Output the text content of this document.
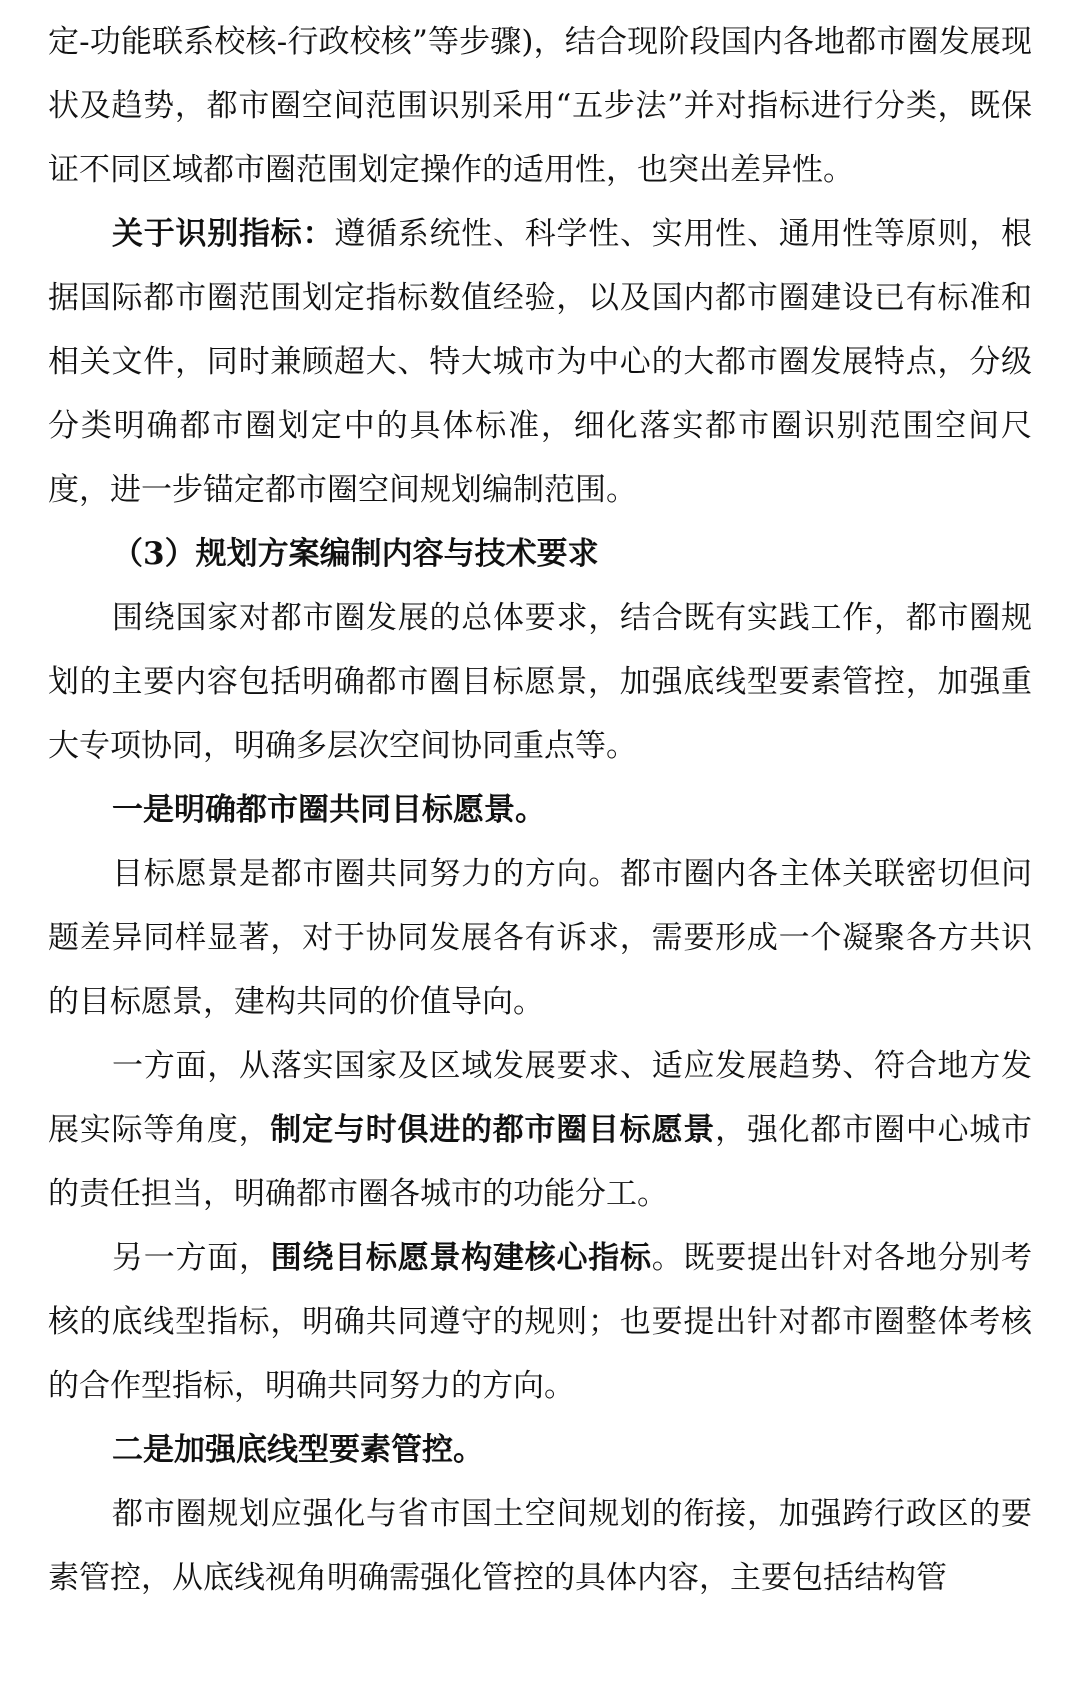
定-功能联系校核-行政校核”等步骤)，结合现阶段国内各地都市圈发展现状及趋势，都市圈空间范围识别采用“五步法”并对指标进行分类，既保证不同区域都市圈范围划定操作的适用性，也突出差异性。

关于识别指标：遵循系统性、科学性、实用性、通用性等原则，根据国际都市圈范围划定指标数值经验，以及国内都市圈建设已有标准和相关文件，同时兼顾超大、特大城市为中心的大都市圈发展特点，分级分类明确都市圈划定中的具体标准，细化落实都市圈识别范围空间尺度，进一步锚定都市圈空间规划编制范围。

（3）规划方案编制内容与技术要求

围绕国家对都市圈发展的总体要求，结合既有实践工作，都市圈规划的主要内容包括明确都市圈目标愿景，加强底线型要素管控，加强重大专项协同，明确多层次空间协同重点等。

一是明确都市圈共同目标愿景。

目标愿景是都市圈共同努力的方向。都市圈内各主体关联密切但问题差异同样显著，对于协同发展各有诉求，需要形成一个凝聚各方共识的目标愿景，建构共同的价值导向。

一方面，从落实国家及区域发展要求、适应发展趋势、符合地方发展实际等角度，制定与时俱进的都市圈目标愿景，强化都市圈中心城市的责任担当，明确都市圈各城市的功能分工。

另一方面，围绕目标愿景构建核心指标。既要提出针对各地分别考核的底线型指标，明确共同遵守的规则；也要提出针对都市圈整体考核的合作型指标，明确共同努力的方向。

二是加强底线型要素管控。

都市圈规划应强化与省市国土空间规划的衔接，加强跨行政区的要素管控，从底线视角明确需强化管控的具体内容，主要包括结构管
